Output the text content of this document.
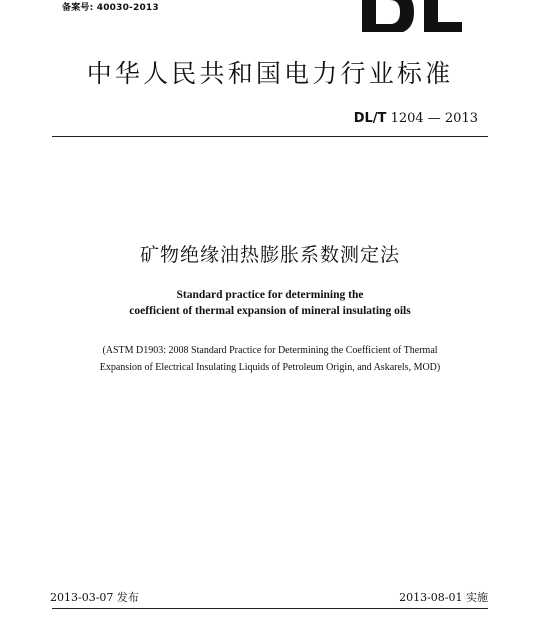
备案号: 40030-2013
中华人民共和国电力行业标准
DL/T 1204 — 2013
矿物绝缘油热膨胀系数测定法
Standard practice for determining the
coefficient of thermal expansion of mineral insulating oils
(ASTM D1903: 2008 Standard Practice for Determining the Coefficient of Thermal
Expansion of Electrical Insulating Liquids of Petroleum Origin, and Askarels, MOD)
2013-03-07 发布	2013-08-01 实施
